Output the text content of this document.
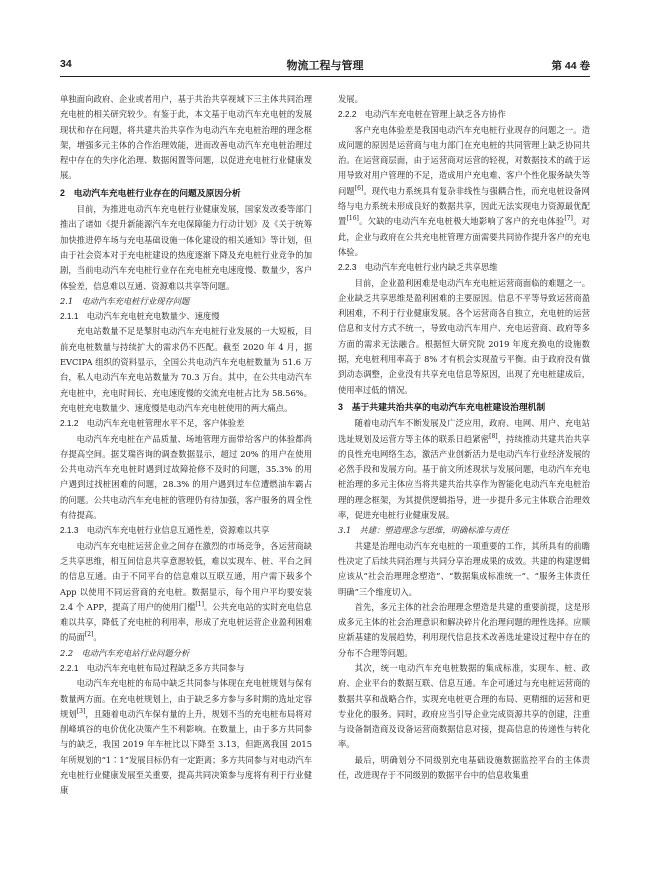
34	物流工程与管理	第 44 卷

单独面向政府、企业或者用户，基于共治共享视域下三主体共同治理充电桩的相关研究较少。有鉴于此，本文基于电动汽车充电桩的发展现状和存在问题，将共建共治共享作为电动汽车充电桩治理的理念框架，增强多元主体的合作治理效能，进而改善电动汽车充电桩治理过程中存在的失序化治理、数据闲置等问题，以促进充电桩行业健康发展。

2　电动汽车充电桩行业存在的问题及原因分析

目前，为推进电动汽车充电桩行业健康发展，国家发改委等部门推出了诸如《提升新能源汽车充电保障能力行动计划》及《关于统筹加快推进停车场与充电基础设施一体化建设的相关通知》等计划，但由于社会资本对于充电桩建设的热度逐渐下降及充电桩行业竞争的加剧，当前电动汽车充电桩行业存在充电桩充电速度慢、数量少，客户体验差，信息难以互通、资源难以共享等问题。

2.1　电动汽车充电桩行业现存问题
2.1.1　电动汽车充电桩充电数量少、速度慢

充电站数量不足是掣肘电动汽车充电桩行业发展的一大短板，目前充电桩数量与持续扩大的需求仍不匹配。截至 2020 年 4 月，据 EVCIPA 组织的资料显示，全国公共电动汽车充电桩数量为 51.6 万台，私人电动汽车充电站数量为 70.3 万台。其中，在公共电动汽车充电桩中，充电时间长、充电速度慢的交流充电桩占比为 58.56%。充电桩充电数量少、速度慢是电动汽车充电桩使用的两大痛点。

2.1.2　电动汽车充电桩管理水平不足，客户体验差

电动汽车充电桩在产品质量、场地管理方面带给客户的体验都尚存提高空间。据艾瑞咨询的调查数据显示，超过 20% 的用户在使用公共电动汽车充电桩时遇到过故障抢修不及时的问题，35.3% 的用户遇到过找桩困难的问题，28.3% 的用户遇到过车位遭燃油车霸占的问题。公共电动汽车充电桩的管理仍有待加强，客户服务的周全性有待提高。

2.1.3　电动汽车充电桩行业信息互通性差，资源难以共享

电动汽车充电桩运营企业之间存在激烈的市场竞争，各运营商缺乏共享思维，相互间信息共享意愿较低，难以实现车、桩、平台之间的信息互通。由于不同平台的信息难以互联互通，用户需下载多个 App 以使用不同运营商的充电桩。数据显示，每个用户平均要安装 2.4 个 APP，提高了用户的使用门槛[1]。公共充电站的实时充电信息难以共享，降低了充电桩的利用率，形成了充电桩运营企业盈利困难的局面[2]。

2.2　电动汽车充电站行业问题分析
2.2.1　电动汽车充电桩布局过程缺乏多方共同参与

电动汽车充电桩的布局中缺乏共同参与体现在充电桩规划与保有数量两方面。在充电桩规划上，由于缺乏多方参与多时期的选址定容规划[3]，且随着电动汽车保有量的上升，规划不当的充电桩布局将对削峰填谷的电价优化决策产生不利影响。在数量上，由于多方共同参与的缺乏，我国 2019 年车桩比以下降至 3.13，但距离我国 2015 年所规划的“1∶1”发展目标仍有一定距离；多方共同参与对电动汽车充电桩行业健康发展至关重要，提高共同决策参与度将有利于行业健康

发展。

2.2.2　电动汽车充电桩在管理上缺乏各方协作

客户充电体验差是我国电动汽车充电桩行业现存的问题之一。造成问题的原因是运营商与电力部门在充电桩的共同管理上缺乏协同共治。在运营商层面，由于运营商对运营的轻视，对数据技术的疏于运用导致对用户管理的不足，造成用户充电难、客户个性化服务缺失等问题[6]。现代电力系统具有复杂非线性与强耦合性，而充电桩设备网络与电力系统未形成良好的数据共享，因此无法实现电力资源最优配置[16]。欠缺的电动汽车充电桩极大地影响了客户的充电体验[7]。对此，企业与政府在公共充电桩管理方面需要共同协作提升客户的充电体验。

2.2.3　电动汽车充电桩行业内缺乏共享思维

目前，企业盈利困难是电动汽车充电桩运营商面临的难题之一。企业缺乏共享思维是盈利困难的主要原因。信息不平等导致运营商盈利困难，不利于行业健康发展。各个运营商各自独立，充电桩的运营信息和支付方式不统一，导致电动汽车用户、充电运营商、政府等多方面的需求无法融合。根据恒大研究院 2019 年度充换电的设施数据，充电桩利用率高于 8% 才有机会实现盈亏平衡。由于政府没有做到动态调整，企业没有共享充电信息等原因，出现了充电桩建成后，使用率过低的情况。

3　基于共建共治共享的电动汽车充电桩建设治理机制

随着电动汽车不断发展及广泛应用，政府、电网、用户、充电站选址规划及运营方等主体的联系日趋紧密[8]，持续推动共建共治共享的良性充电网络生态，激活产业创新活力是电动汽车行业经济发展的必然手段和发展方向。基于前文所述现状与发展问题，电动汽车充电桩治理的多元主体应当将共建共治共享作为智能化电动汽车充电桩治理的理念框架，为其提供逻辑指导，进一步提升多元主体联合治理效率，促进充电桩行业健康发展。

3.1　共建：塑造理念与思维，明确标准与责任

共建是治理电动汽车充电桩的一项重要的工作，其所具有的前瞻性决定了后续共同治理与共同分享治理成果的成效。共建的构建逻辑应该从“社会治理理念塑造”、“数据集成标准统一”、“服务主体责任明确”三个维度切入。

首先，多元主体的社会治理理念塑造是共建的重要前提，这是形成多元主体的社会治理意识和解决碎片化治理问题的理性选择。应顺应新基建的发展趋势，利用现代信息技术改善选址建设过程中存在的分布不合理等问题。

其次，统一电动汽车充电桩数据的集成标准，实现车、桩、政府、企业平台的数据互联、信息互通。车企可通过与充电桩运营商的数据共享和战略合作，实现充电桩更合理的布局、更精细的运营和更专业化的服务。同时，政府应当引导企业完成资源共享的创建，注重与设备制造商及设备运营商数据信息对接，提高信息的传递性与转化率。

最后，明确划分不同级别充电基础设施数据监控平台的主体责任，改进现存于不同级别的数据平台中的信息收集重
